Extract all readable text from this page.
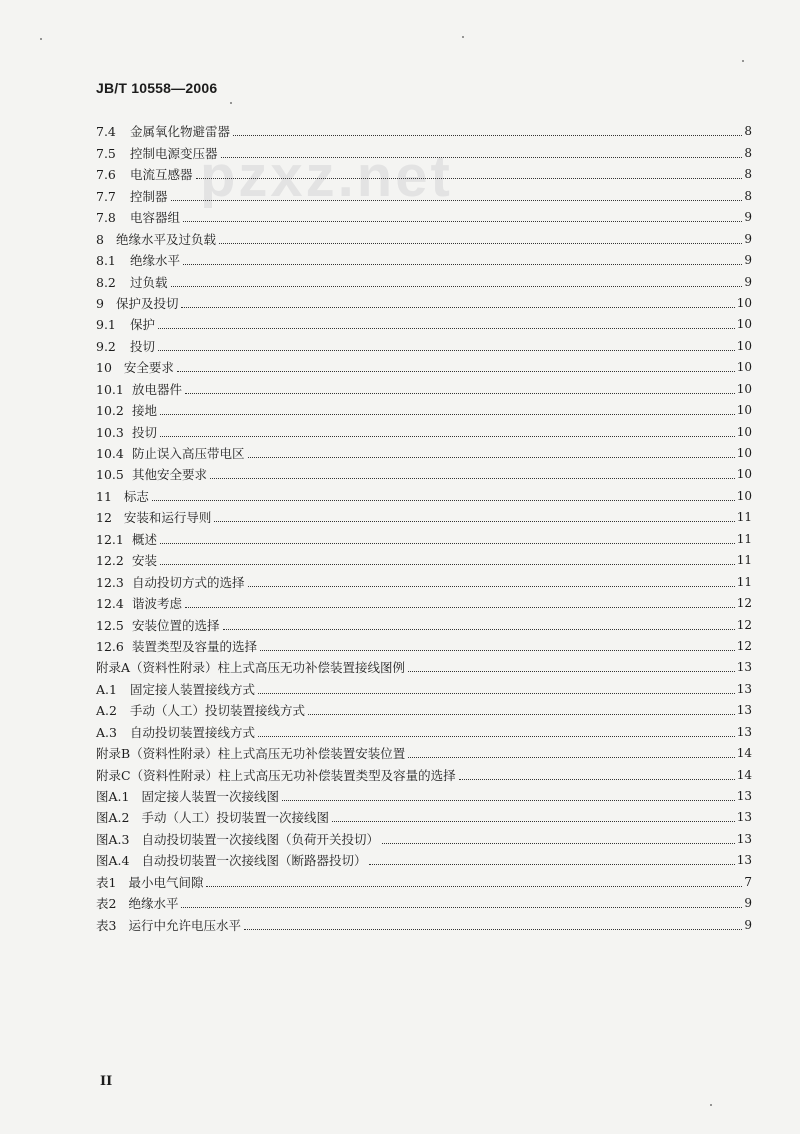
pzxz.net
JB/T 10558—2006
7.4	金属氧化物避雷器	8
7.5	控制电源变压器	8
7.6	电流互感器	8
7.7	控制器	8
7.8	电容器组	9
8 绝缘水平及过负载	9
8.1	绝缘水平	9
8.2	过负载	9
9 保护及投切	10
9.1	保护	10
9.2	投切	10
10 安全要求	10
10.1 放电器件	10
10.2 接地	10
10.3 投切	10
10.4 防止误入高压带电区	10
10.5 其他安全要求	10
11 标志	10
12 安装和运行导则	11
12.1 概述	11
12.2 安装	11
12.3 自动投切方式的选择	11
12.4 谐波考虑	12
12.5 安装位置的选择	12
12.6 装置类型及容量的选择	12
附录A （资料性附录）柱上式高压无功补偿装置接线图例	13
A.1	固定接人装置接线方式	13
A.2	手动（人工）投切装置接线方式	13
A.3	自动投切装置接线方式	13
附录B （资料性附录）柱上式高压无功补偿装置安装位置	14
附录C （资料性附录）柱上式高压无功补偿装置类型及容量的选择	14
图A.1 固定接人装置一次接线图	13
图A.2 手动（人工）投切装置一次接线图	13
图A.3 自动投切装置一次接线图（负荷开关投切）	13
图A.4 自动投切装置一次接线图（断路器投切）	13
表1 最小电气间隙	7
表2 绝缘水平	9
表3 运行中允许电压水平	9
II
